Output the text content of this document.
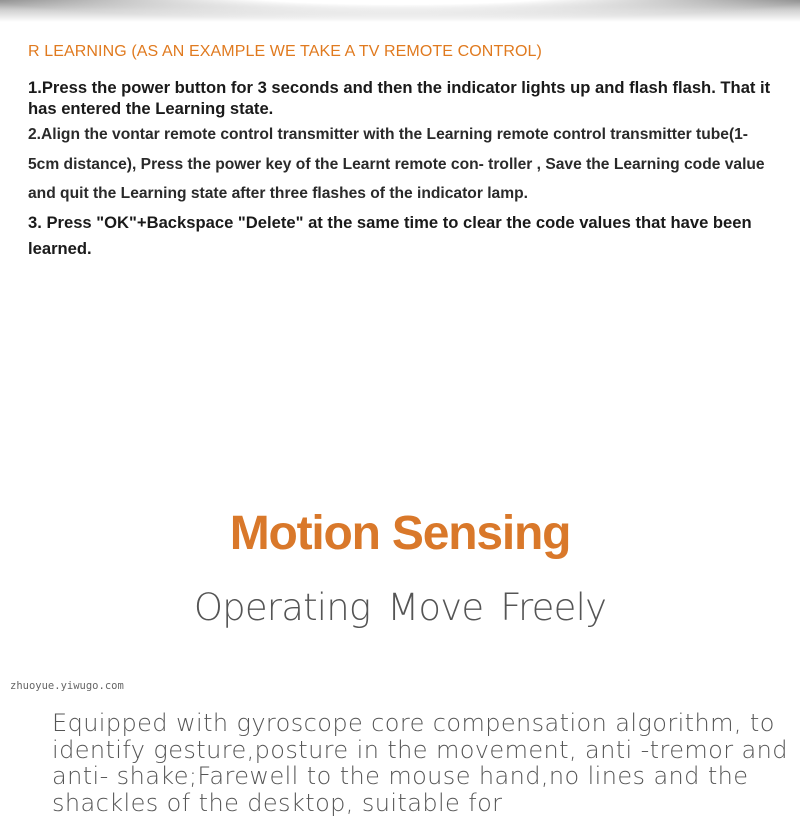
R LEARNING (AS AN EXAMPLE WE TAKE A TV REMOTE CONTROL)

1.Press the power button for 3 seconds and then the indicator lights up and flash flash. That it has entered the Learning state.

2.Align the vontar remote control transmitter with the Learning remote control transmitter tube(1-5cm distance), Press the power key of the Learnt remote con- troller , Save the Learning code value and quit the Learning state after three flashes of the indicator lamp.

3. Press "OK"+Backspace "Delete" at the same time to clear the code values that have been learned.

Motion Sensing
Operating Move Freely
zhuoyue.yiwugo.com

Equipped with gyroscope core compensation algorithm, to identify gesture,posture in the movement, anti -tremor and anti- shake;Farewell to the mouse hand,no lines and the shackles of the desktop, suitable for
